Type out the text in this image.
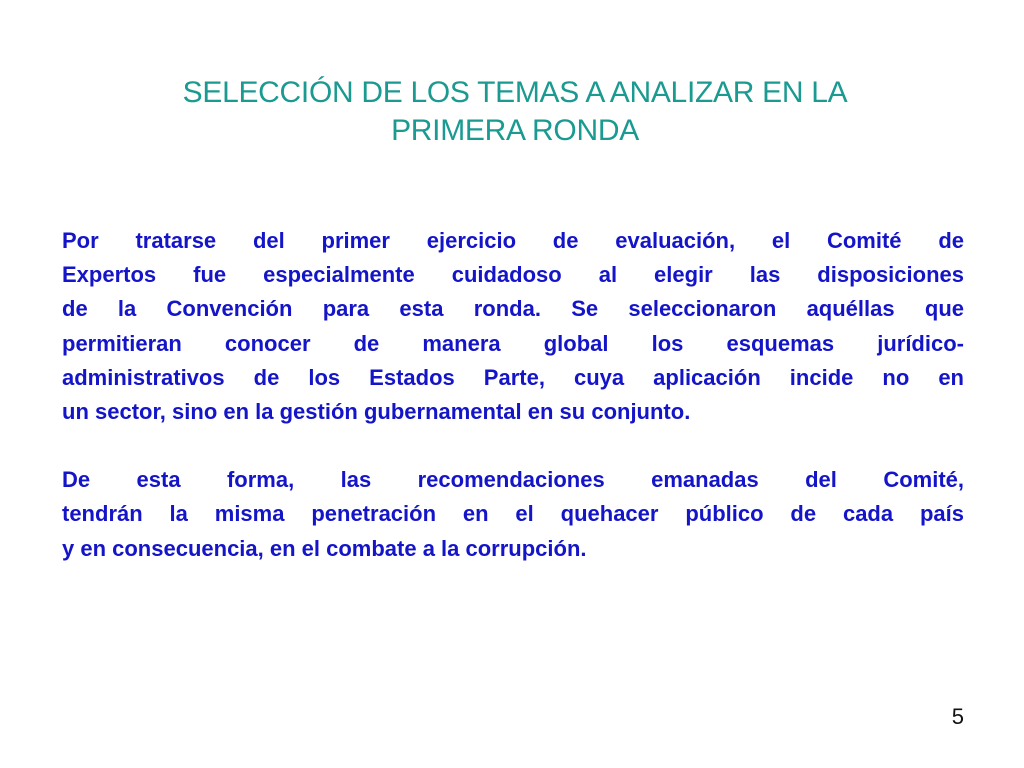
SELECCIÓN DE LOS TEMAS A ANALIZAR EN LA
PRIMERA RONDA

Por tratarse del primer ejercicio de evaluación, el Comité de
Expertos fue especialmente cuidadoso al elegir las disposiciones
de la Convención para esta ronda. Se seleccionaron aquéllas que
permitieran conocer de manera global los esquemas jurídico-
administrativos de los Estados Parte, cuya aplicación incide no en
un sector, sino en la gestión gubernamental en su conjunto.

De esta forma, las recomendaciones emanadas del Comité,
tendrán la misma penetración en el quehacer público de cada país
y en consecuencia, en el combate a la corrupción.

5
